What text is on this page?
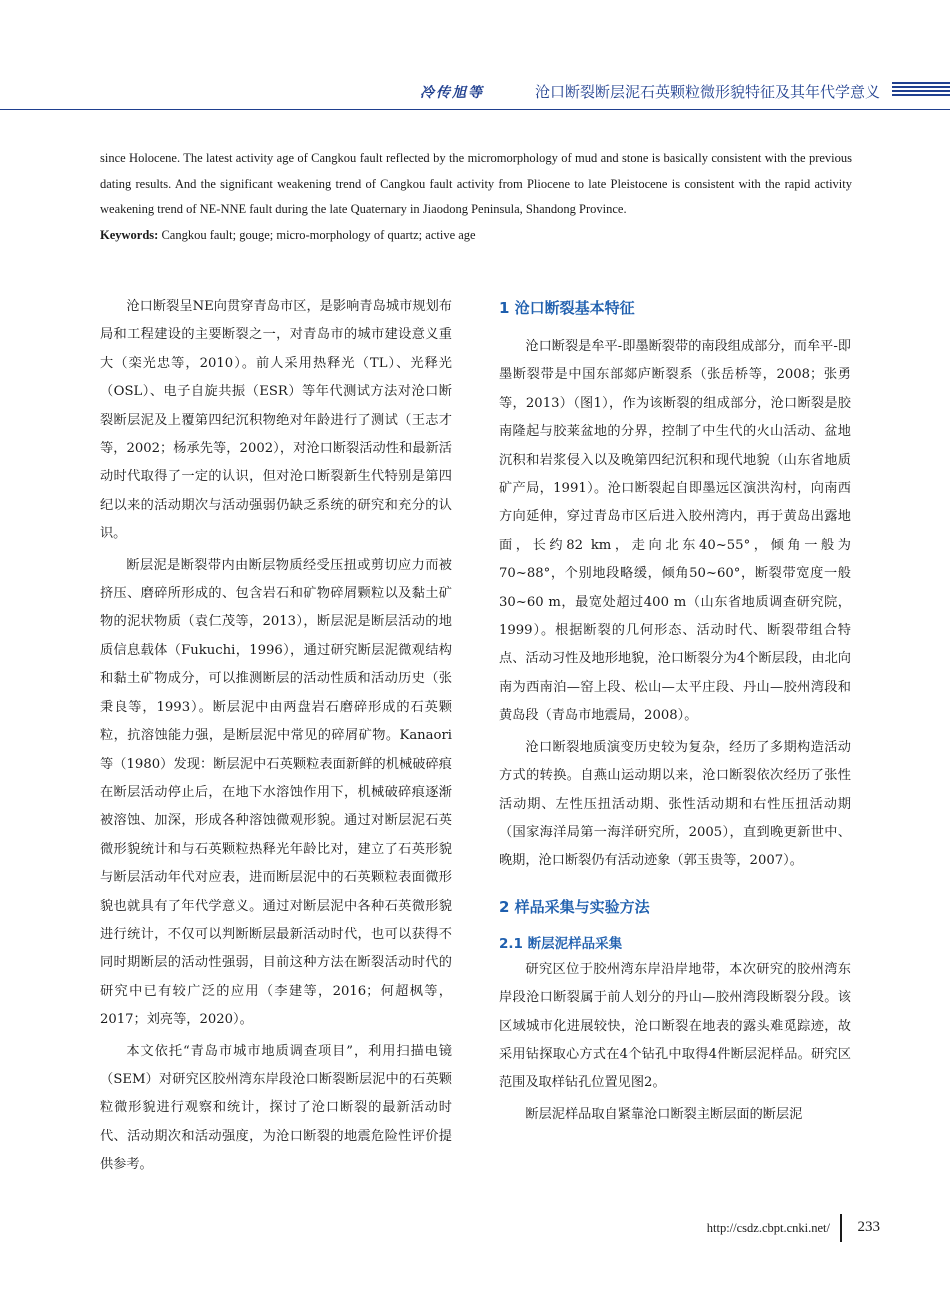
冷传旭等	沧口断裂断层泥石英颗粒微形貌特征及其年代学意义

since Holocene. The latest activity age of Cangkou fault reflected by the micromorphology of mud and stone is basically consistent with the previous dating results. And the significant weakening trend of Cangkou fault activity from Pliocene to late Pleistocene is consistent with the rapid activity weakening trend of NE-NNE fault during the late Quaternary in Jiaodong Peninsula, Shandong Province.

Keywords: Cangkou fault; gouge; micro-morphology of quartz; active age

沧口断裂呈NE向贯穿青岛市区，是影响青岛城市规划布局和工程建设的主要断裂之一，对青岛市的城市建设意义重大（栾光忠等，2010）。前人采用热释光（TL）、光释光（OSL）、电子自旋共振（ESR）等年代测试方法对沧口断裂断层泥及上覆第四纪沉积物绝对年龄进行了测试（王志才等，2002；杨承先等，2002），对沧口断裂活动性和最新活动时代取得了一定的认识，但对沧口断裂新生代特别是第四纪以来的活动期次与活动强弱仍缺乏系统的研究和充分的认识。

断层泥是断裂带内由断层物质经受压扭或剪切应力而被挤压、磨碎所形成的、包含岩石和矿物碎屑颗粒以及黏土矿物的泥状物质（袁仁茂等，2013），断层泥是断层活动的地质信息载体（Fukuchi，1996），通过研究断层泥微观结构和黏土矿物成分，可以推测断层的活动性质和活动历史（张秉良等，1993）。断层泥中由两盘岩石磨碎形成的石英颗粒，抗溶蚀能力强，是断层泥中常见的碎屑矿物。Kanaori等（1980）发现：断层泥中石英颗粒表面新鲜的机械破碎痕在断层活动停止后，在地下水溶蚀作用下，机械破碎痕逐渐被溶蚀、加深，形成各种溶蚀微观形貌。通过对断层泥石英微形貌统计和与石英颗粒热释光年龄比对，建立了石英形貌与断层活动年代对应表，进而断层泥中的石英颗粒表面微形貌也就具有了年代学意义。通过对断层泥中各种石英微形貌进行统计，不仅可以判断断层最新活动时代，也可以获得不同时期断层的活动性强弱，目前这种方法在断裂活动时代的研究中已有较广泛的应用（李建等，2016；何超枫等，2017；刘亮等，2020）。

本文依托“青岛市城市地质调查项目”，利用扫描电镜（SEM）对研究区胶州湾东岸段沧口断裂断层泥中的石英颗粒微形貌进行观察和统计，探讨了沧口断裂的最新活动时代、活动期次和活动强度，为沧口断裂的地震危险性评价提供参考。

1 沧口断裂基本特征

沧口断裂是牟平-即墨断裂带的南段组成部分，而牟平-即墨断裂带是中国东部郯庐断裂系（张岳桥等，2008；张勇等，2013）（图1），作为该断裂的组成部分，沧口断裂是胶南隆起与胶莱盆地的分界，控制了中生代的火山活动、盆地沉积和岩浆侵入以及晚第四纪沉积和现代地貌（山东省地质矿产局，1991）。沧口断裂起自即墨远区演洪沟村，向南西方向延伸，穿过青岛市区后进入胶州湾内，再于黄岛出露地面，长约82 km，走向北东40~55°，倾角一般为70~88°，个别地段略缓，倾角50~60°，断裂带宽度一般30~60 m，最宽处超过400 m（山东省地质调查研究院，1999）。根据断裂的几何形态、活动时代、断裂带组合特点、活动习性及地形地貌，沧口断裂分为4个断层段，由北向南为西南泊—窑上段、松山—太平庄段、丹山—胶州湾段和黄岛段（青岛市地震局，2008）。

沧口断裂地质演变历史较为复杂，经历了多期构造活动方式的转换。自燕山运动期以来，沧口断裂依次经历了张性活动期、左性压扭活动期、张性活动期和右性压扭活动期（国家海洋局第一海洋研究所，2005），直到晚更新世中、晚期，沧口断裂仍有活动迹象（郭玉贵等，2007）。

2 样品采集与实验方法
2.1 断层泥样品采集

研究区位于胶州湾东岸沿岸地带，本次研究的胶州湾东岸段沧口断裂属于前人划分的丹山—胶州湾段断裂分段。该区域城市化进展较快，沧口断裂在地表的露头难觅踪迹，故采用钻探取心方式在4个钻孔中取得4件断层泥样品。研究区范围及取样钻孔位置见图2。

断层泥样品取自紧靠沧口断裂主断层面的断层泥

http://csdz.cbpt.cnki.net/ 233
